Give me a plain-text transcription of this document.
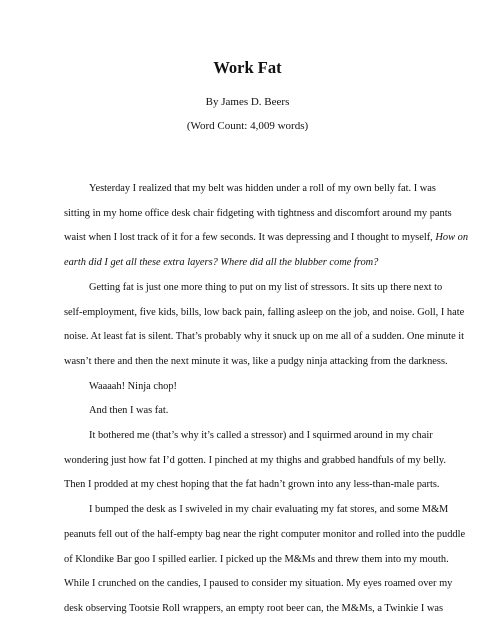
Work Fat

By James D. Beers

(Word Count: 4,009 words)

Yesterday I realized that my belt was hidden under a roll of my own belly fat. I was

sitting in my home office desk chair fidgeting with tightness and discomfort around my pants

waist when I lost track of it for a few seconds. It was depressing and I thought to myself, How on

earth did I get all these extra layers? Where did all the blubber come from?

Getting fat is just one more thing to put on my list of stressors. It sits up there next to

self-employment, five kids, bills, low back pain, falling asleep on the job, and noise. Goll, I hate

noise. At least fat is silent. That’s probably why it snuck up on me all of a sudden. One minute it

wasn’t there and then the next minute it was, like a pudgy ninja attacking from the darkness.

Waaaah! Ninja chop!

And then I was fat.

It bothered me (that’s why it’s called a stressor) and I squirmed around in my chair

wondering just how fat I’d gotten. I pinched at my thighs and grabbed handfuls of my belly.

Then I prodded at my chest hoping that the fat hadn’t grown into any less-than-male parts.

I bumped the desk as I swiveled in my chair evaluating my fat stores, and some M&M

peanuts fell out of the half-empty bag near the right computer monitor and rolled into the puddle

of Klondike Bar goo I spilled earlier. I picked up the M&Ms and threw them into my mouth.

While I crunched on the candies, I paused to consider my situation. My eyes roamed over my

desk observing Tootsie Roll wrappers, an empty root beer can, the M&Ms, a Twinkie I was
